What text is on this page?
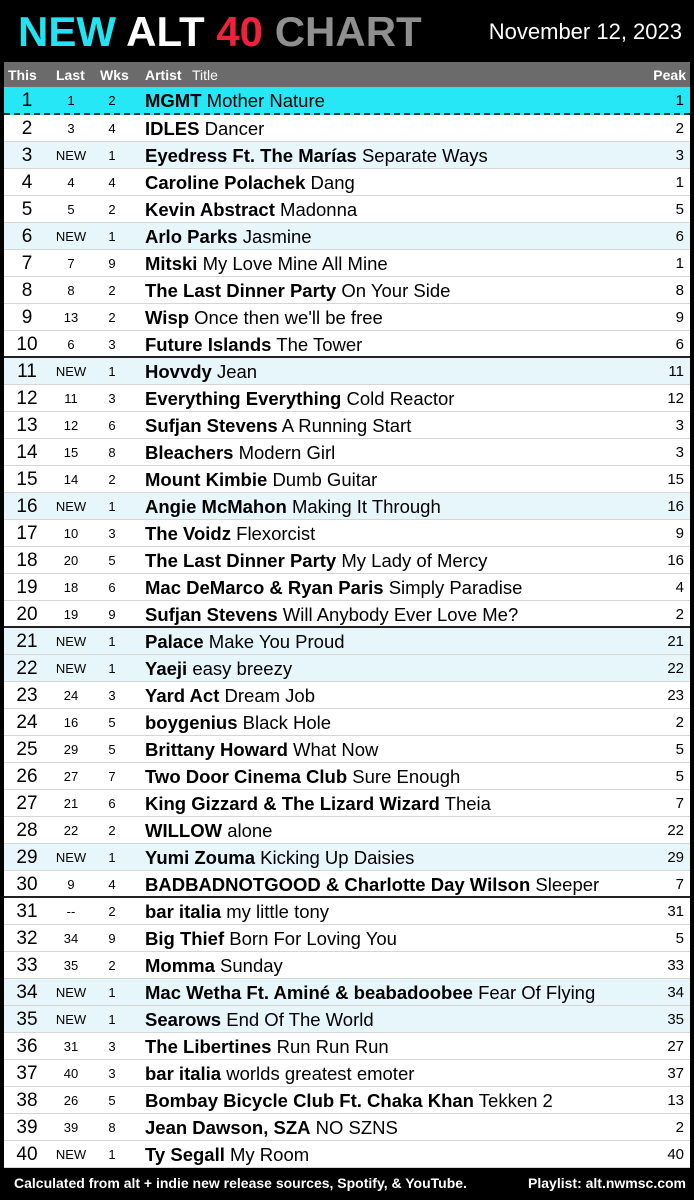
NEW ALT 40 CHART	November 12, 2023
This Last Wks Artist Title	Peak
1	1	2	MGMT Mother Nature	1
2	3	4	IDLES Dancer	2
3	NEW	1	Eyedress Ft. The Marías Separate Ways	3
4	4	4	Caroline Polachek Dang	1
5	5	2	Kevin Abstract Madonna	5
6	NEW	1	Arlo Parks Jasmine	6
7	7	9	Mitski My Love Mine All Mine	1
8	8	2	The Last Dinner Party On Your Side	8
9	13	2	Wisp Once then we'll be free	9
10	6	3	Future Islands The Tower	6
11	NEW	1	Hovvdy Jean	11
12	11	3	Everything Everything Cold Reactor	12
13	12	6	Sufjan Stevens A Running Start	3
14	15	8	Bleachers Modern Girl	3
15	14	2	Mount Kimbie Dumb Guitar	15
16	NEW	1	Angie McMahon Making It Through	16
17	10	3	The Voidz Flexorcist	9
18	20	5	The Last Dinner Party My Lady of Mercy	16
19	18	6	Mac DeMarco & Ryan Paris Simply Paradise	4
20	19	9	Sufjan Stevens Will Anybody Ever Love Me?	2
21	NEW	1	Palace Make You Proud	21
22	NEW	1	Yaeji easy breezy	22
23	24	3	Yard Act Dream Job	23
24	16	5	boygenius Black Hole	2
25	29	5	Brittany Howard What Now	5
26	27	7	Two Door Cinema Club Sure Enough	5
27	21	6	King Gizzard & The Lizard Wizard Theia	7
28	22	2	WILLOW alone	22
29	NEW	1	Yumi Zouma Kicking Up Daisies	29
30	9	4	BADBADNOTGOOD & Charlotte Day Wilson Sleeper	7
31	--	2	bar italia my little tony	31
32	34	9	Big Thief Born For Loving You	5
33	35	2	Momma Sunday	33
34	NEW	1	Mac Wetha Ft. Aminé & beabadoobee Fear Of Flying	34
35	NEW	1	Searows End Of The World	35
36	31	3	The Libertines Run Run Run	27
37	40	3	bar italia worlds greatest emoter	37
38	26	5	Bombay Bicycle Club Ft. Chaka Khan Tekken 2	13
39	39	8	Jean Dawson, SZA NO SZNS	2
40	NEW	1	Ty Segall My Room	40
Calculated from alt + indie new release sources, Spotify, & YouTube.	Playlist: alt.nwmsc.com
